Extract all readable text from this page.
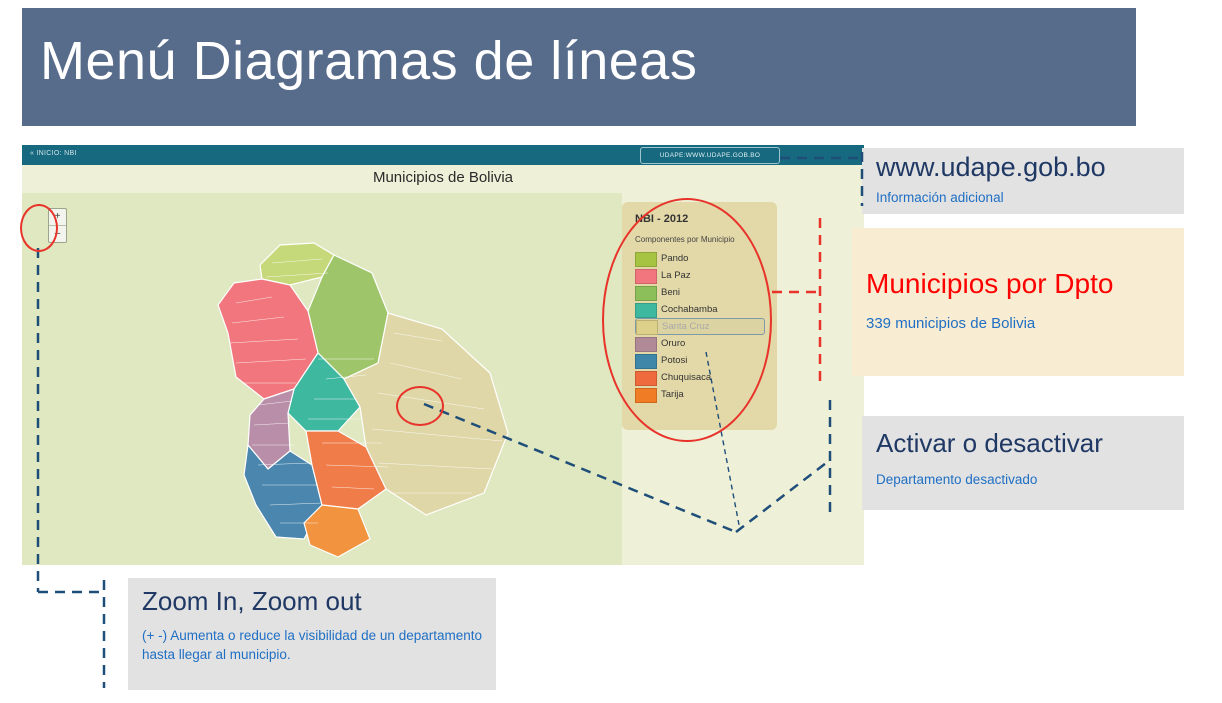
Menú Diagramas de líneas
« INICIO: NBI	UDAPE:WWW.UDAPE.GOB.BO
Municipios de Bolivia
+
–
NBI - 2012
Componentes por Municipio
Pando
La Paz
Beni
Cochabamba
Santa Cruz
Oruro
Potosi
Chuquisaca
Tarija
www.udape.gob.bo
Información adicional
Municipios por Dpto
339 municipios de Bolivia
Activar o desactivar
Departamento desactivado
Zoom In, Zoom out
(+ -) Aumenta o reduce la visibilidad de un departamento hasta llegar al municipio.
